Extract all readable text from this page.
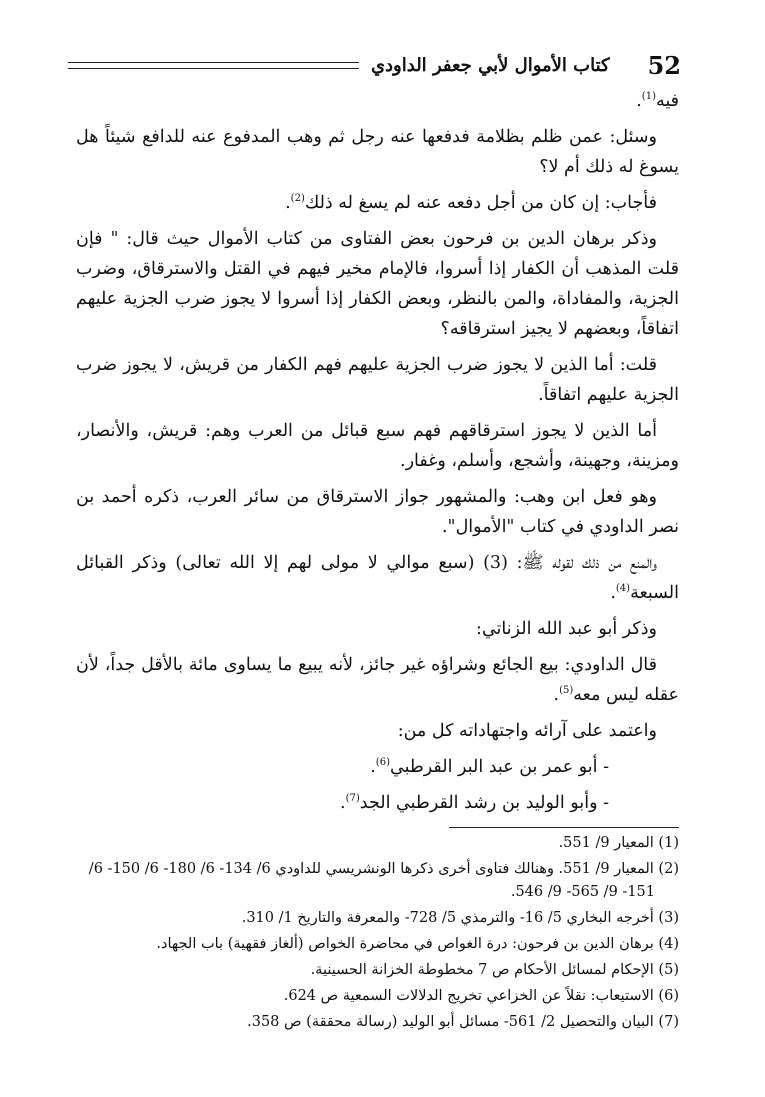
52
كتاب الأموال لأبي جعفر الداودي

فيه$^{(1)}$.

وسئل: عمن ظلم بظلامة فدفعها عنه رجل ثم وهب المدفوع عنه للدافع شيئاً هل يسوغ له ذلك أم لا؟

فأجاب: إن كان من أجل دفعه عنه لم يسغ له ذلك$^{(2)}$.

وذكر برهان الدين بن فرحون بعض الفتاوى من كتاب الأموال حيث قال: " فإن قلت المذهب أن الكفار إذا أسروا، فالإمام مخير فيهم في القتل والاسترقاق، وضرب الجزية، والمفاداة، والمن بالنظر، وبعض الكفار إذا أسروا لا يجوز ضرب الجزية عليهم اتفاقاً، وبعضهم لا يجيز استرقاقه؟

قلت: أما الذين لا يجوز ضرب الجزية عليهم فهم الكفار من قريش، لا يجوز ضرب الجزية عليهم اتفاقاً.

أما الذين لا يجوز استرقاقهم فهم سبع قبائل من العرب وهم: قريش، والأنصار، ومزينة، وجهينة، وأشجع، وأسلم، وغفار.

وهو فعل ابن وهب: والمشهور جواز الاسترقاق من سائر العرب، ذكره أحمد بن نصر الداودي في كتاب "الأموال".

والمنع من ذلك لقوله ﷺ: (3) (سبع موالي لا مولى لهم إلا الله تعالى) وذكر القبائل السبعة$^{(4)}$.

وذكر أبو عبد الله الزناتي:

قال الداودي: بيع الجائع وشراؤه غير جائز، لأنه يبيع ما يساوى مائة بالأقل جداً، لأن عقله ليس معه$^{(5)}$.

واعتمد على آرائه واجتهاداته كل من:

- أبو عمر بن عبد البر القرطبي$^{(6)}$.

- وأبو الوليد بن رشد القرطبي الجد$^{(7)}$.

(1) المعيار 9/ 551.

(2) المعيار 9/ 551. وهنالك فتاوى أخرى ذكرها الونشريسي للداودي 6/ 134- 6/ 180- 6/ 150- 6/ 151- 9/ 565- 9/ 546.

(3) أخرجه البخاري 5/ 16- والترمذي 5/ 728- والمعرفة والتاريخ 1/ 310.

(4) برهان الدين بن فرحون: درة الغواص في محاضرة الخواص (ألغاز فقهية) باب الجهاد.

(5) الإحكام لمسائل الأحكام ص 7 مخطوطة الخزانة الحسينية.

(6) الاستيعاب: نقلاً عن الخزاعي تخريج الدلالات السمعية ص 624.

(7) البيان والتحصيل 2/ 561- مسائل أبو الوليد (رسالة محققة) ص 358.
